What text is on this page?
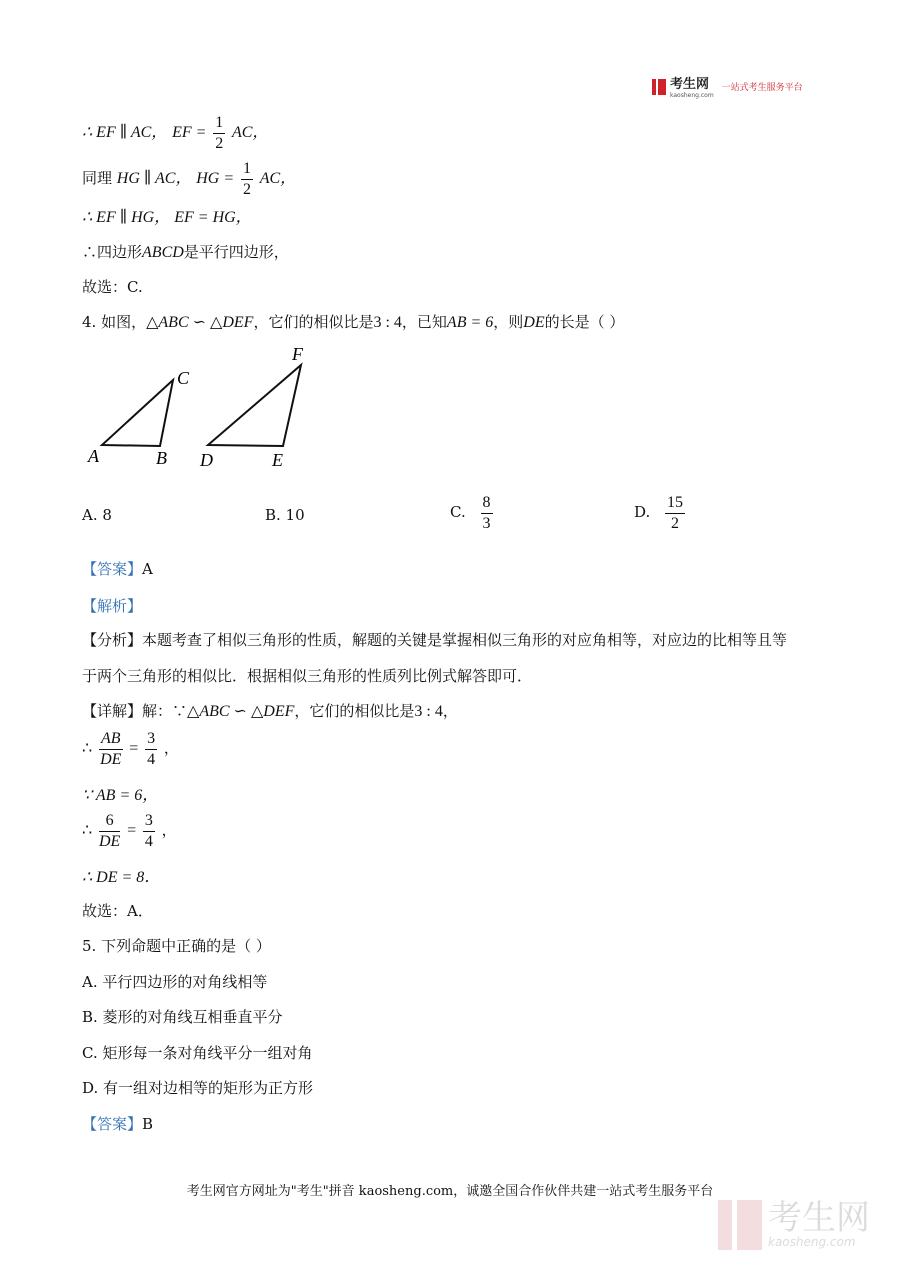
考生网
kaosheng.com
一站式考生服务平台
∴ EF ∥ AC， EF = $\frac{1}{2}$ AC，
同理 HG ∥ AC， HG = $\frac{1}{2}$ AC，
∴ EF ∥ HG， EF = HG，
∴四边形ABCD是平行四边形，
故选：C.
4. 如图，△ABC ∽ △DEF，它们的相似比是3 : 4，已知AB = 6，则DE的长是（ ）
A	B
C
D	E
F
A. 8	B. 10	C. $\frac{8}{3}$	D. $\frac{15}{2}$
【答案】A
【解析】
【分析】本题考查了相似三角形的性质，解题的关键是掌握相似三角形的对应角相等，对应边的比相等且等
于两个三角形的相似比．根据相似三角形的性质列比例式解答即可．
【详解】解：∵△ABC ∽ △DEF，它们的相似比是3 : 4，
∴ $\frac{AB}{DE} = \frac{3}{4}$ ，
∵ AB = 6，
∴ $\frac{6}{DE} = \frac{3}{4}$ ，
∴ DE = 8．
故选：A．
5. 下列命题中正确的是（ ）
A. 平行四边形的对角线相等
B. 菱形的对角线互相垂直平分
C. 矩形每一条对角线平分一组对角
D. 有一组对边相等的矩形为正方形
【答案】B
考生网官方网址为"考生"拼音 kaosheng.com，诚邀全国合作伙伴共建一站式考生服务平台
考生网
kaosheng.com
